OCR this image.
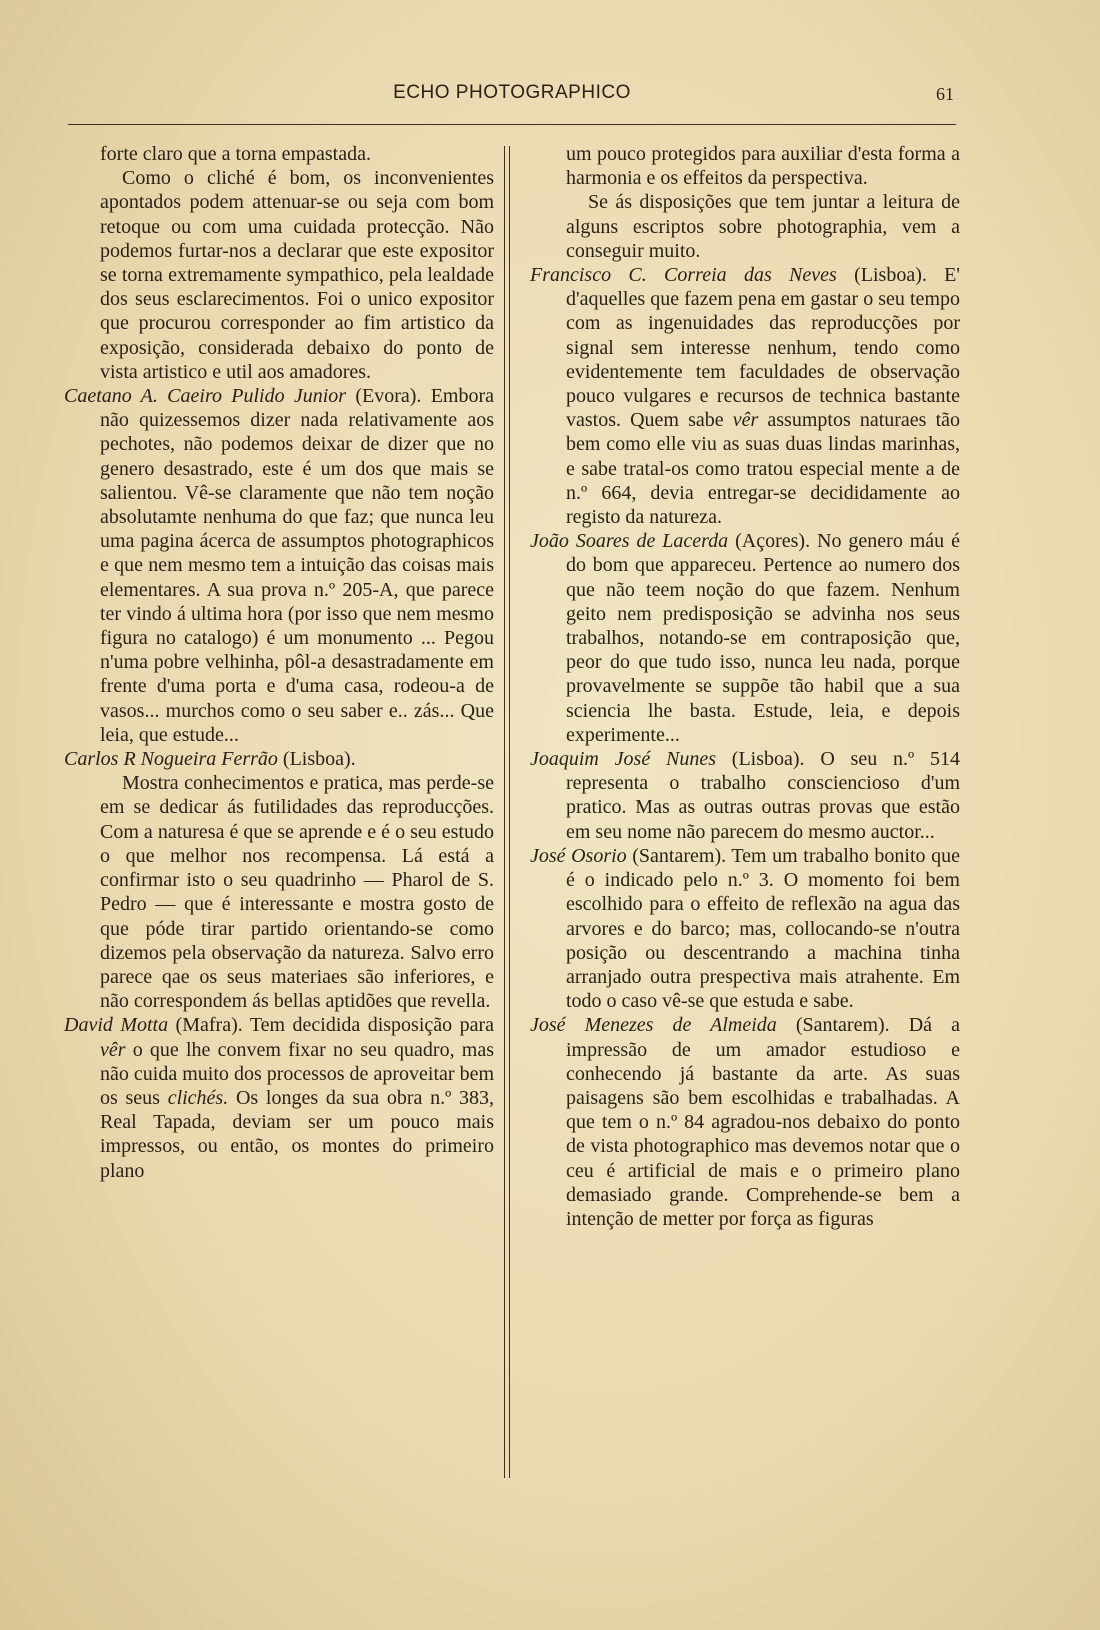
ECHO PHOTOGRAPHICO	61

forte claro que a torna empastada.

Como o cliché é bom, os inconvenientes apontados podem attenuar-se ou seja com bom retoque ou com uma cuidada protecção. Não podemos furtar-nos a declarar que este expositor se torna extremamente sympathico, pela lealdade dos seus esclarecimentos. Foi o unico expositor que procurou corresponder ao fim artistico da exposição, considerada debaixo do ponto de vista artistico e util aos amadores.

Caetano A. Caeiro Pulido Junior (Evora). Embora não quizessemos dizer nada relativamente aos pechotes, não podemos deixar de dizer que no genero desastrado, este é um dos que mais se salientou. Vê-se claramente que não tem noção absolutamte nenhuma do que faz; que nunca leu uma pagina ácerca de assumptos photographicos e que nem mesmo tem a intuição das coisas mais elementares. A sua prova n.º 205-A, que parece ter vindo á ultima hora (por isso que nem mesmo figura no catalogo) é um monumento ... Pegou n'uma pobre velhinha, pôl-a desastradamente em frente d'uma porta e d'uma casa, rodeou-a de vasos... murchos como o seu saber e.. zás... Que leia, que estude...

Carlos R Nogueira Ferrão (Lisboa).

Mostra conhecimentos e pratica, mas perde-se em se dedicar ás futilidades das reproducções. Com a naturesa é que se aprende e é o seu estudo o que melhor nos recompensa. Lá está a confirmar isto o seu quadrinho — Pharol de S. Pedro — que é interessante e mostra gosto de que póde tirar partido orientando-se como dizemos pela observação da natureza. Salvo erro parece qae os seus materiaes são inferiores, e não correspondem ás bellas aptidões que revella.

David Motta (Mafra). Tem decidida disposição para vêr o que lhe convem fixar no seu quadro, mas não cuida muito dos processos de aproveitar bem os seus clichés. Os longes da sua obra n.º 383, Real Tapada, deviam ser um pouco mais impressos, ou então, os montes do primeiro plano

um pouco protegidos para auxiliar d'esta forma a harmonia e os effeitos da perspectiva.

Se ás disposições que tem juntar a leitura de alguns escriptos sobre photographia, vem a conseguir muito.

Francisco C. Correia das Neves (Lisboa). E' d'aquelles que fazem pena em gastar o seu tempo com as ingenuidades das reproducções por signal sem interesse nenhum, tendo como evidentemente tem faculdades de observação pouco vulgares e recursos de technica bastante vastos. Quem sabe vêr assumptos naturaes tão bem como elle viu as suas duas lindas marinhas, e sabe tratal-os como tratou especial mente a de n.º 664, devia entregar-se decididamente ao registo da natureza.

João Soares de Lacerda (Açores). No genero máu é do bom que appareceu. Pertence ao numero dos que não teem noção do que fazem. Nenhum geito nem predisposição se advinha nos seus trabalhos, notando-se em contraposição que, peor do que tudo isso, nunca leu nada, porque provavelmente se suppõe tão habil que a sua sciencia lhe basta. Estude, leia, e depois experimente...

Joaquim José Nunes (Lisboa). O seu n.º 514 representa o trabalho consciencioso d'um pratico. Mas as outras outras provas que estão em seu nome não parecem do mesmo auctor...

José Osorio (Santarem). Tem um trabalho bonito que é o indicado pelo n.º 3. O momento foi bem escolhido para o effeito de reflexão na agua das arvores e do barco; mas, collocando-se n'outra posição ou descentrando a machina tinha arranjado outra prespectiva mais atrahente. Em todo o caso vê-se que estuda e sabe.

José Menezes de Almeida (Santarem). Dá a impressão de um amador estudioso e conhecendo já bastante da arte. As suas paisagens são bem escolhidas e trabalhadas. A que tem o n.º 84 agradou-nos debaixo do ponto de vista photographico mas devemos notar que o ceu é artificial de mais e o primeiro plano demasiado grande. Comprehende-se bem a intenção de metter por força as figuras
